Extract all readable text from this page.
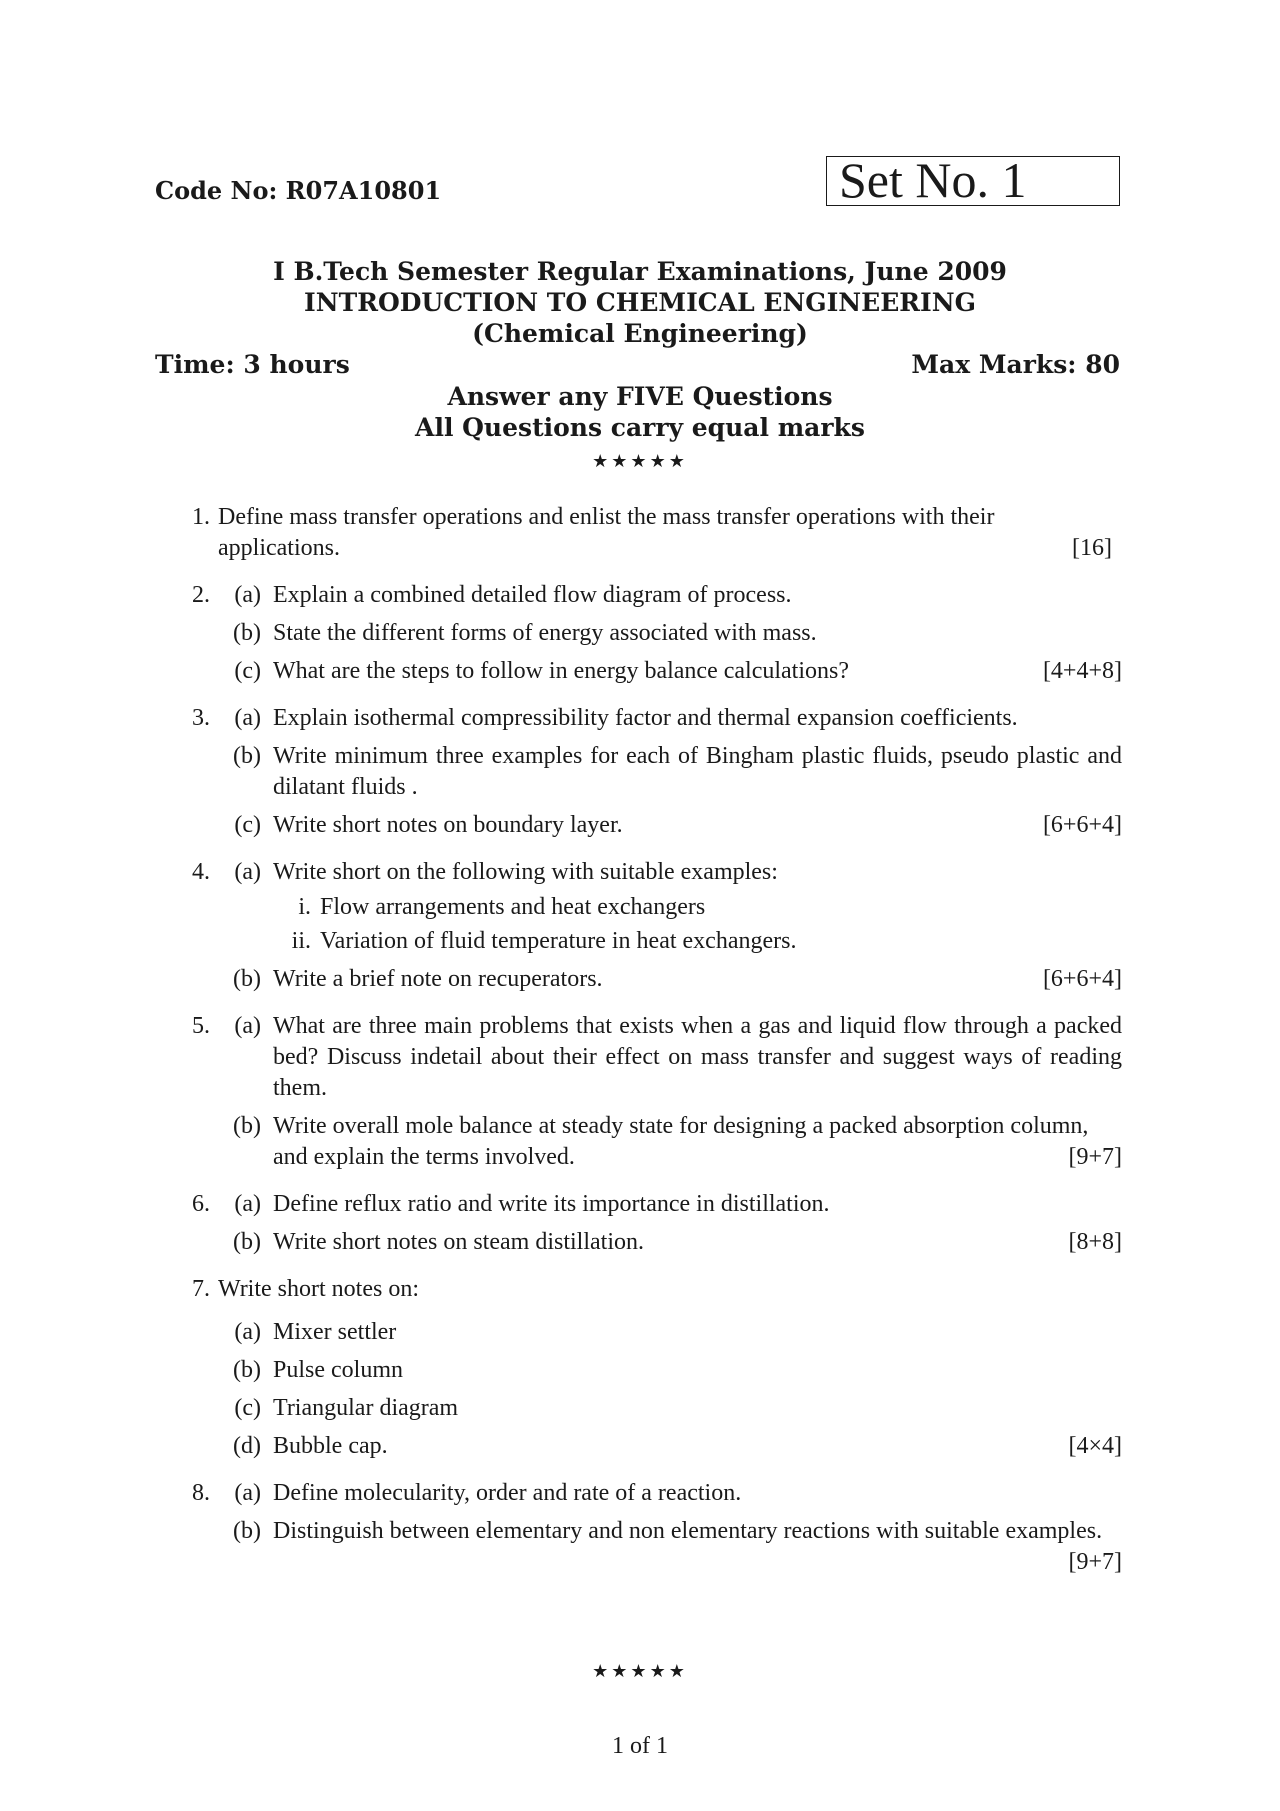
Code No: R07A10801	Set No. 1
I B.Tech Semester Regular Examinations, June 2009
INTRODUCTION TO CHEMICAL ENGINEERING
(Chemical Engineering)
Time: 3 hours	Max Marks: 80
Answer any FIVE Questions
All Questions carry equal marks
★★★★★
1. Define mass transfer operations and enlist the mass transfer operations with their applications.	[16]
2.	(a) Explain a combined detailed flow diagram of process.
(b) State the different forms of energy associated with mass.
(c) What are the steps to follow in energy balance calculations?	[4+4+8]
3.	(a) Explain isothermal compressibility factor and thermal expansion coefficients.
(b) Write minimum three examples for each of Bingham plastic fluids, pseudo plastic and dilatant fluids .
(c) Write short notes on boundary layer.	[6+6+4]
4.	(a) Write short on the following with suitable examples:
i. Flow arrangements and heat exchangers
ii. Variation of fluid temperature in heat exchangers.
(b) Write a brief note on recuperators.	[6+6+4]
5.	(a) What are three main problems that exists when a gas and liquid flow through a packed bed? Discuss indetail about their effect on mass transfer and suggest ways of reading them.
(b) Write overall mole balance at steady state for designing a packed absorption column, and explain the terms involved.	[9+7]
6.	(a) Define reflux ratio and write its importance in distillation.
(b) Write short notes on steam distillation.	[8+8]
7. Write short notes on:
(a) Mixer settler
(b) Pulse column
(c) Triangular diagram
(d) Bubble cap.	[4×4]
8.	(a) Define molecularity, order and rate of a reaction.
(b) Distinguish between elementary and non elementary reactions with suitable examples.
[9+7]
★★★★★
1 of 1
